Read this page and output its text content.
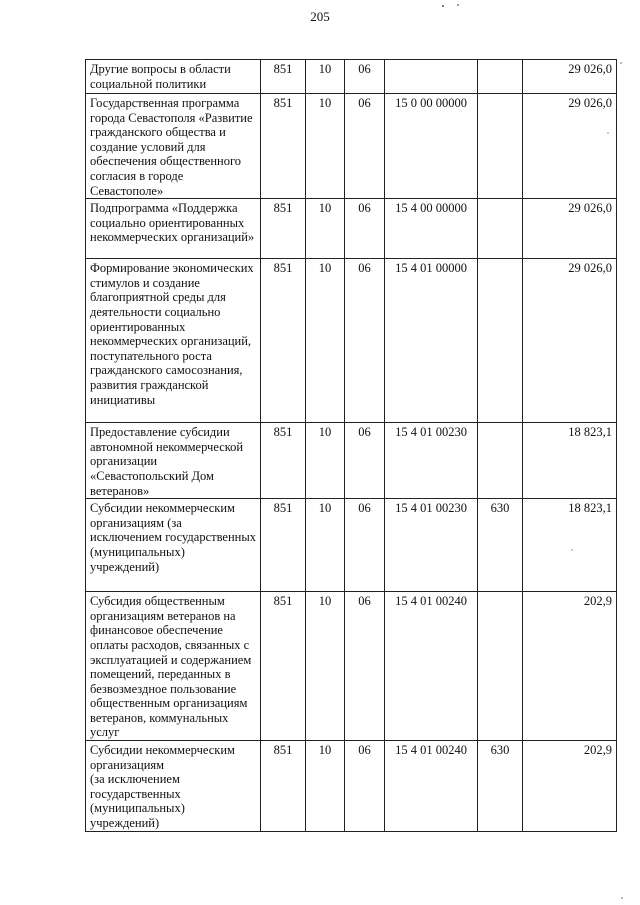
205
Другие вопросы в области социальной политики	851	10	06			29 026,0
Государственная программа города Севастополя «Развитие гражданского общества и создание условий для обеспечения общественного согласия в городе Севастополе»	851	10	06	15 0 00 00000		29 026,0
Подпрограмма «Поддержка социально ориентированных некоммерческих организаций»	851	10	06	15 4 00 00000		29 026,0
Формирование экономических стимулов и создание благоприятной среды для деятельности социально ориентированных некоммерческих организаций, поступательного роста гражданского самосознания, развития гражданской инициативы	851	10	06	15 4 01 00000		29 026,0
Предоставление субсидии автономной некоммерческой организации «Севастопольский Дом ветеранов»	851	10	06	15 4 01 00230		18 823,1
Субсидии некоммерческим организациям (за исключением государственных (муниципальных) учреждений)	851	10	06	15 4 01 00230	630	18 823,1
Субсидия общественным организациям ветеранов на финансовое обеспечение оплаты расходов, связанных с эксплуатацией и содержанием помещений, переданных в безвозмездное пользование общественным организациям ветеранов, коммунальных услуг	851	10	06	15 4 01 00240		202,9
Субсидии некоммерческим организациям
(за исключением государственных (муниципальных) учреждений)	851	10	06	15 4 01 00240	630	202,9
